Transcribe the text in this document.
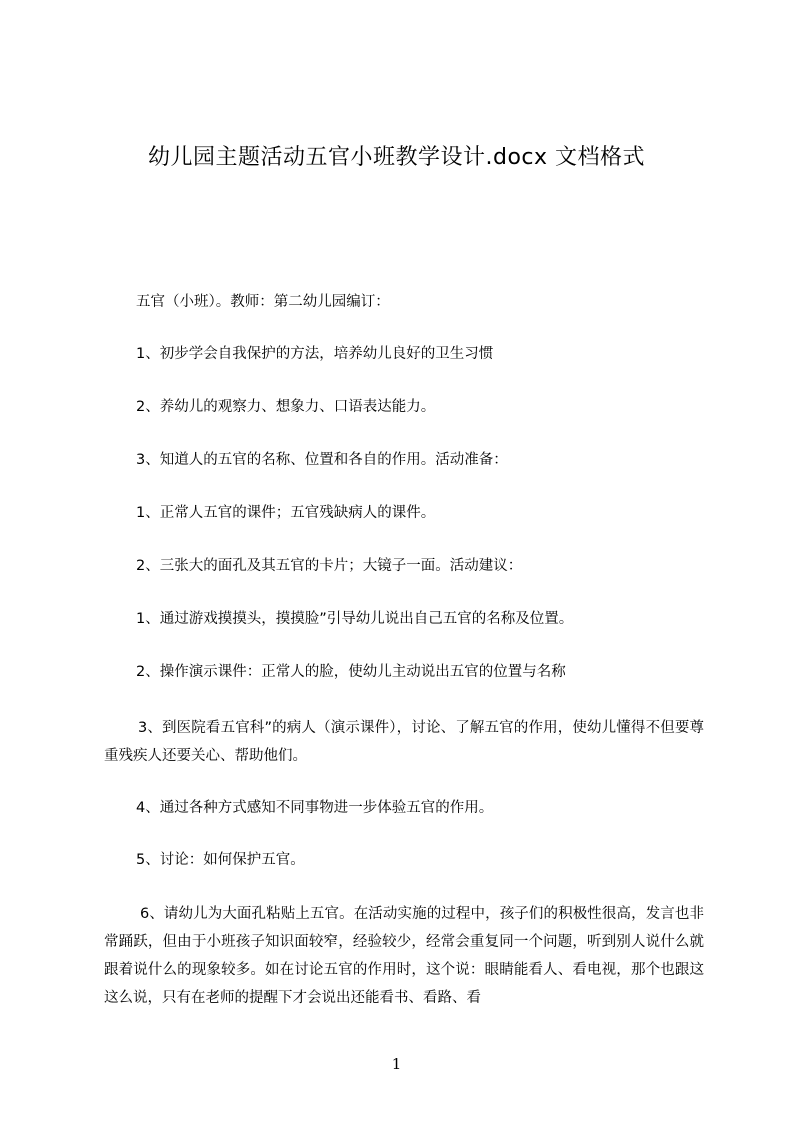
幼儿园主题活动五官小班教学设计.docx 文档格式
五官（小班）。教师：第二幼儿园编订：
1、初步学会自我保护的方法，培养幼儿良好的卫生习惯
2、养幼儿的观察力、想象力、口语表达能力。
3、知道人的五官的名称、位置和各自的作用。活动准备：
1、正常人五官的课件；五官残缺病人的课件。
2、三张大的面孔及其五官的卡片；大镜子一面。活动建议：
1、通过游戏摸摸头，摸摸脸”引导幼儿说出自己五官的名称及位置。
2、操作演示课件：正常人的脸，使幼儿主动说出五官的位置与名称
3、到医院看五官科”的病人（演示课件），讨论、了解五官的作用，使幼儿懂得不但要尊重残疾人还要关心、帮助他们。
4、通过各种方式感知不同事物进一步体验五官的作用。
5、讨论：如何保护五官。
6、请幼儿为大面孔粘贴上五官。在活动实施的过程中，孩子们的积极性很高，发言也非常踊跃，但由于小班孩子知识面较窄，经验较少，经常会重复同一个问题，听到别人说什么就跟着说什么的现象较多。如在讨论五官的作用时，这个说：眼睛能看人、看电视，那个也跟这这么说，只有在老师的提醒下才会说出还能看书、看路、看
1
